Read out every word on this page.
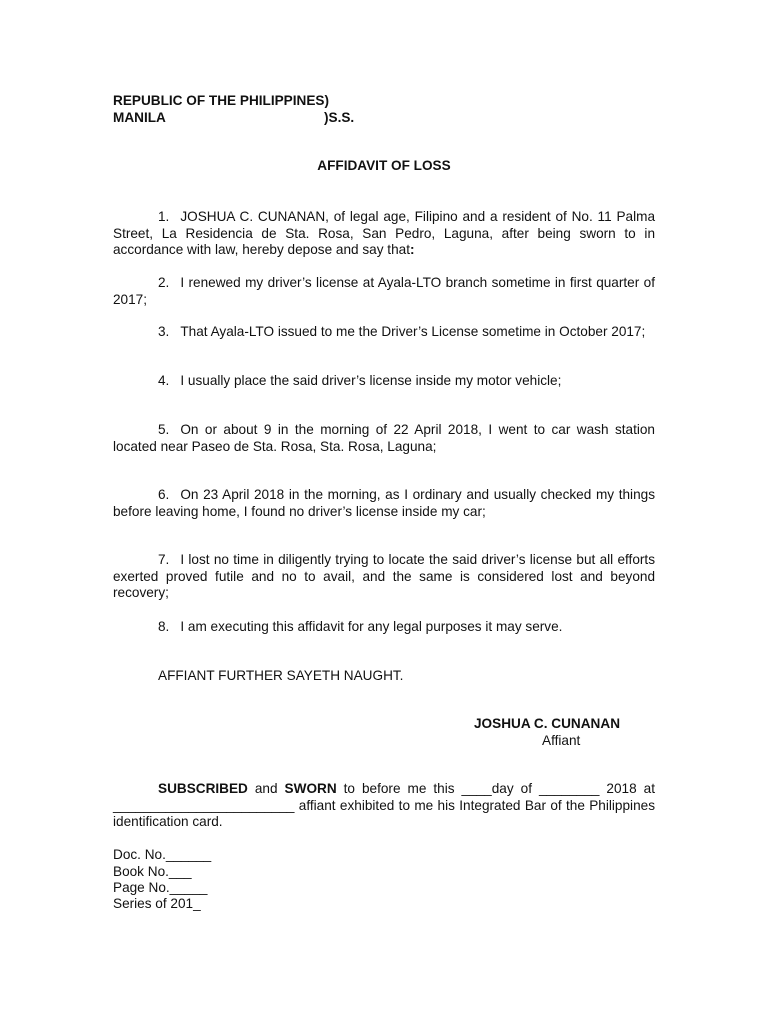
REPUBLIC OF THE PHILIPPINES)
MANILA	)S.S.
AFFIDAVIT OF LOSS
1. JOSHUA C. CUNANAN, of legal age, Filipino and a resident of No. 11 Palma Street, La Residencia de Sta. Rosa, San Pedro, Laguna, after being sworn to in accordance with law, hereby depose and say that:
2. I renewed my driver’s license at Ayala-LTO branch sometime in first quarter of 2017;
3. That Ayala-LTO issued to me the Driver’s License sometime in October 2017;
4. I usually place the said driver’s license inside my motor vehicle;
5. On or about 9 in the morning of 22 April 2018, I went to car wash station located near Paseo de Sta. Rosa, Sta. Rosa, Laguna;
6. On 23 April 2018 in the morning, as I ordinary and usually checked my things before leaving home, I found no driver’s license inside my car;
7. I lost no time in diligently trying to locate the said driver’s license but all efforts exerted proved futile and no to avail, and the same is considered lost and beyond recovery;
8. I am executing this affidavit for any legal purposes it may serve.
AFFIANT FURTHER SAYETH NAUGHT.
JOSHUA C. CUNANAN
Affiant
SUBSCRIBED and SWORN to before me this ____day of ________ 2018 at ________________________ affiant exhibited to me his Integrated Bar of the Philippines identification card.
Doc. No.______
Book No.___
Page No._____
Series of 201_
